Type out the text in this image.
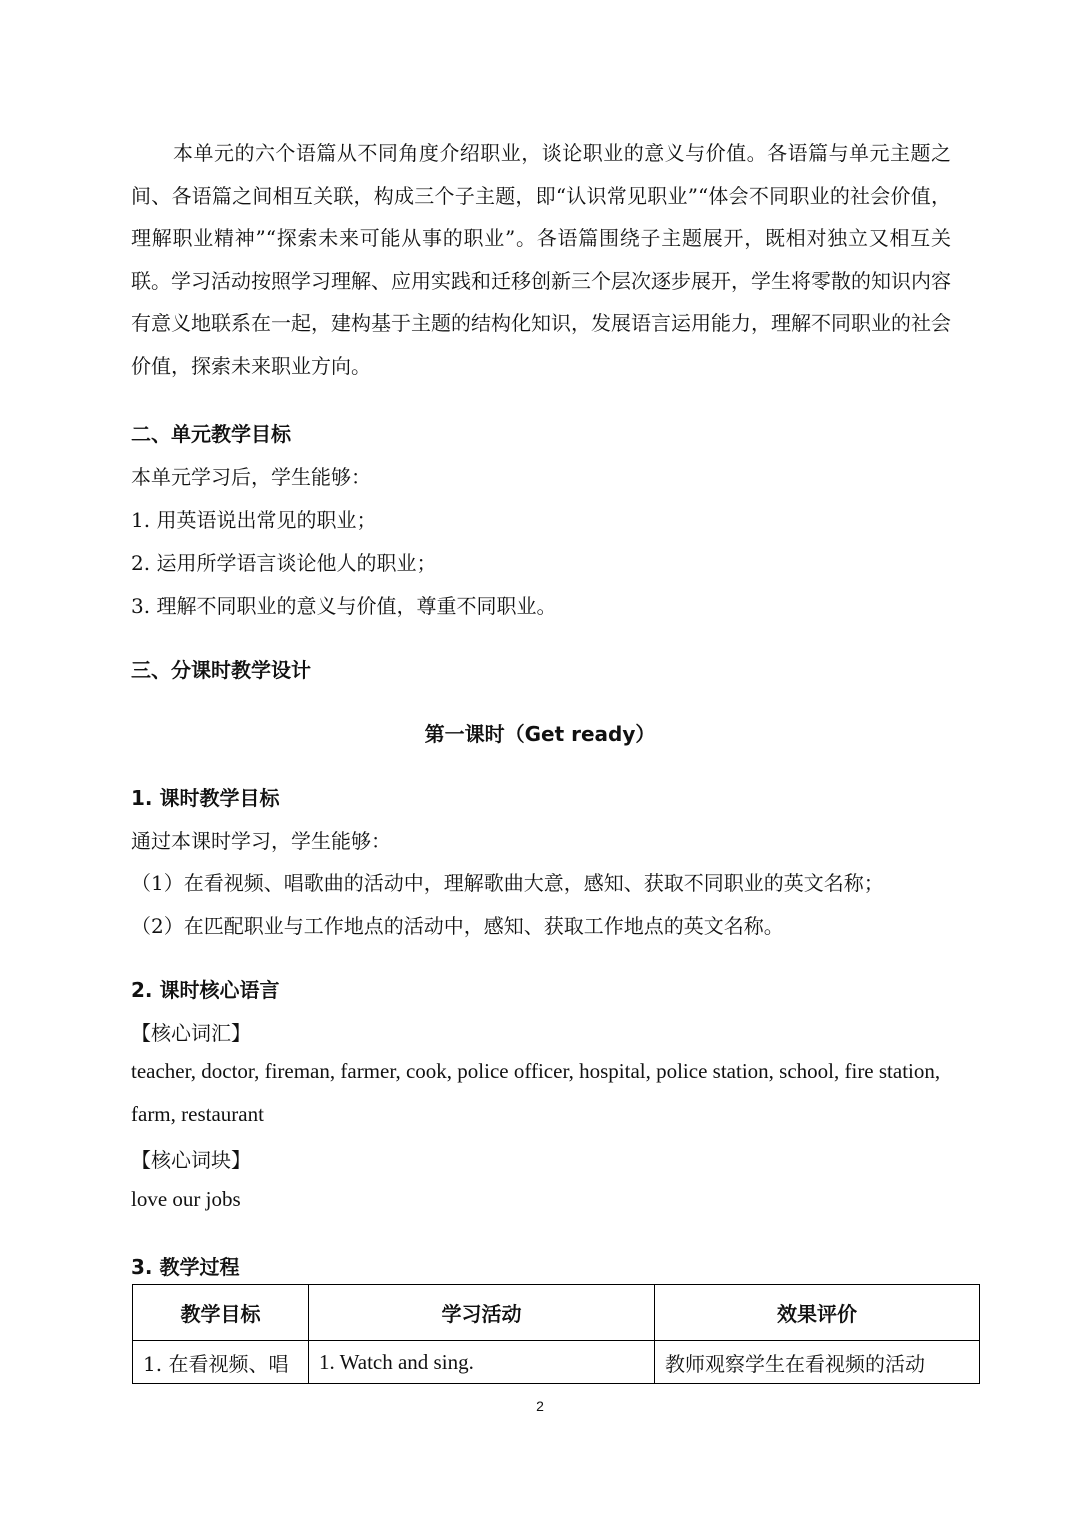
本单元的六个语篇从不同角度介绍职业，谈论职业的意义与价值。各语篇与单元主题之间、各语篇之间相互关联，构成三个子主题，即“认识常见职业”“体会不同职业的社会价值，理解职业精神”“探索未来可能从事的职业”。各语篇围绕子主题展开，既相对独立又相互关联。学习活动按照学习理解、应用实践和迁移创新三个层次逐步展开，学生将零散的知识内容有意义地联系在一起，建构基于主题的结构化知识，发展语言运用能力，理解不同职业的社会价值，探索未来职业方向。

二、单元教学目标
本单元学习后，学生能够：
1. 用英语说出常见的职业；
2. 运用所学语言谈论他人的职业；
3. 理解不同职业的意义与价值，尊重不同职业。
三、分课时教学设计
第一课时（Get ready）
1. 课时教学目标
通过本课时学习，学生能够：
（1）在看视频、唱歌曲的活动中，理解歌曲大意，感知、获取不同职业的英文名称；
（2）在匹配职业与工作地点的活动中，感知、获取工作地点的英文名称。
2. 课时核心语言
【核心词汇】
teacher, doctor, fireman, farmer, cook, police officer, hospital, police station, school, fire station,
farm, restaurant
【核心词块】
love our jobs
3. 教学过程
教学目标	学习活动	效果评价
1. 在看视频、唱	1. Watch and sing.	教师观察学生在看视频的活动
2
